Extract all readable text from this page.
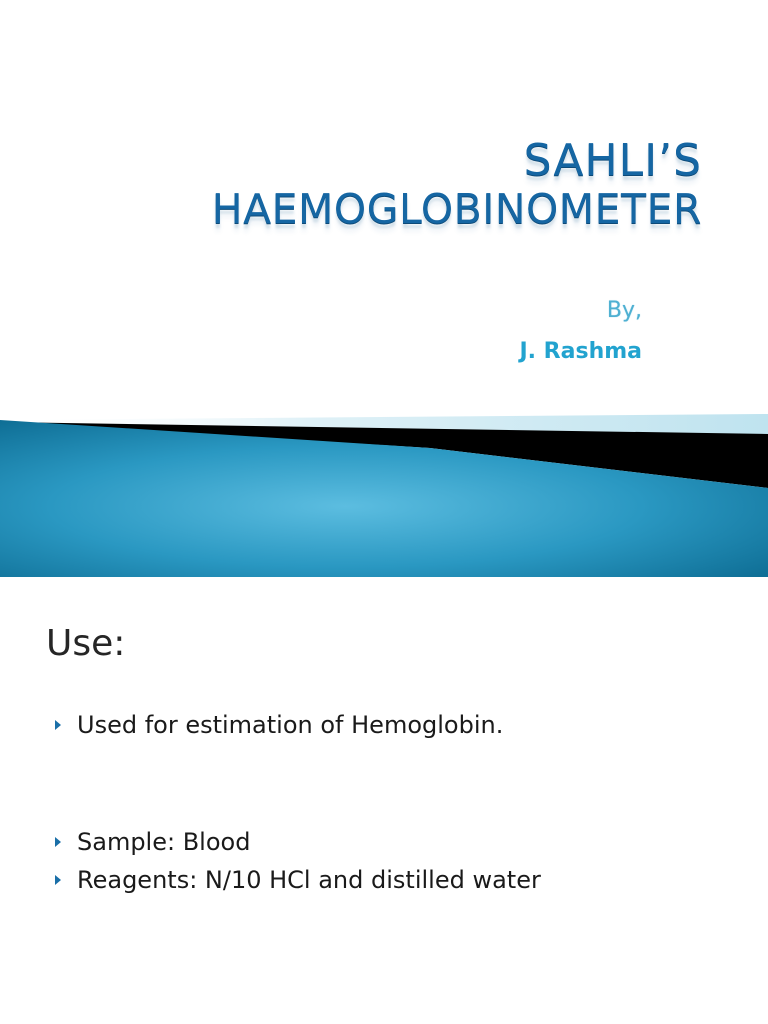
SAHLI’S
HAEMOGLOBINOMETER

By,

J. Rashma

Use:
Used for estimation of Hemoglobin.
Sample: Blood
Reagents: N/10 HCl and distilled water
